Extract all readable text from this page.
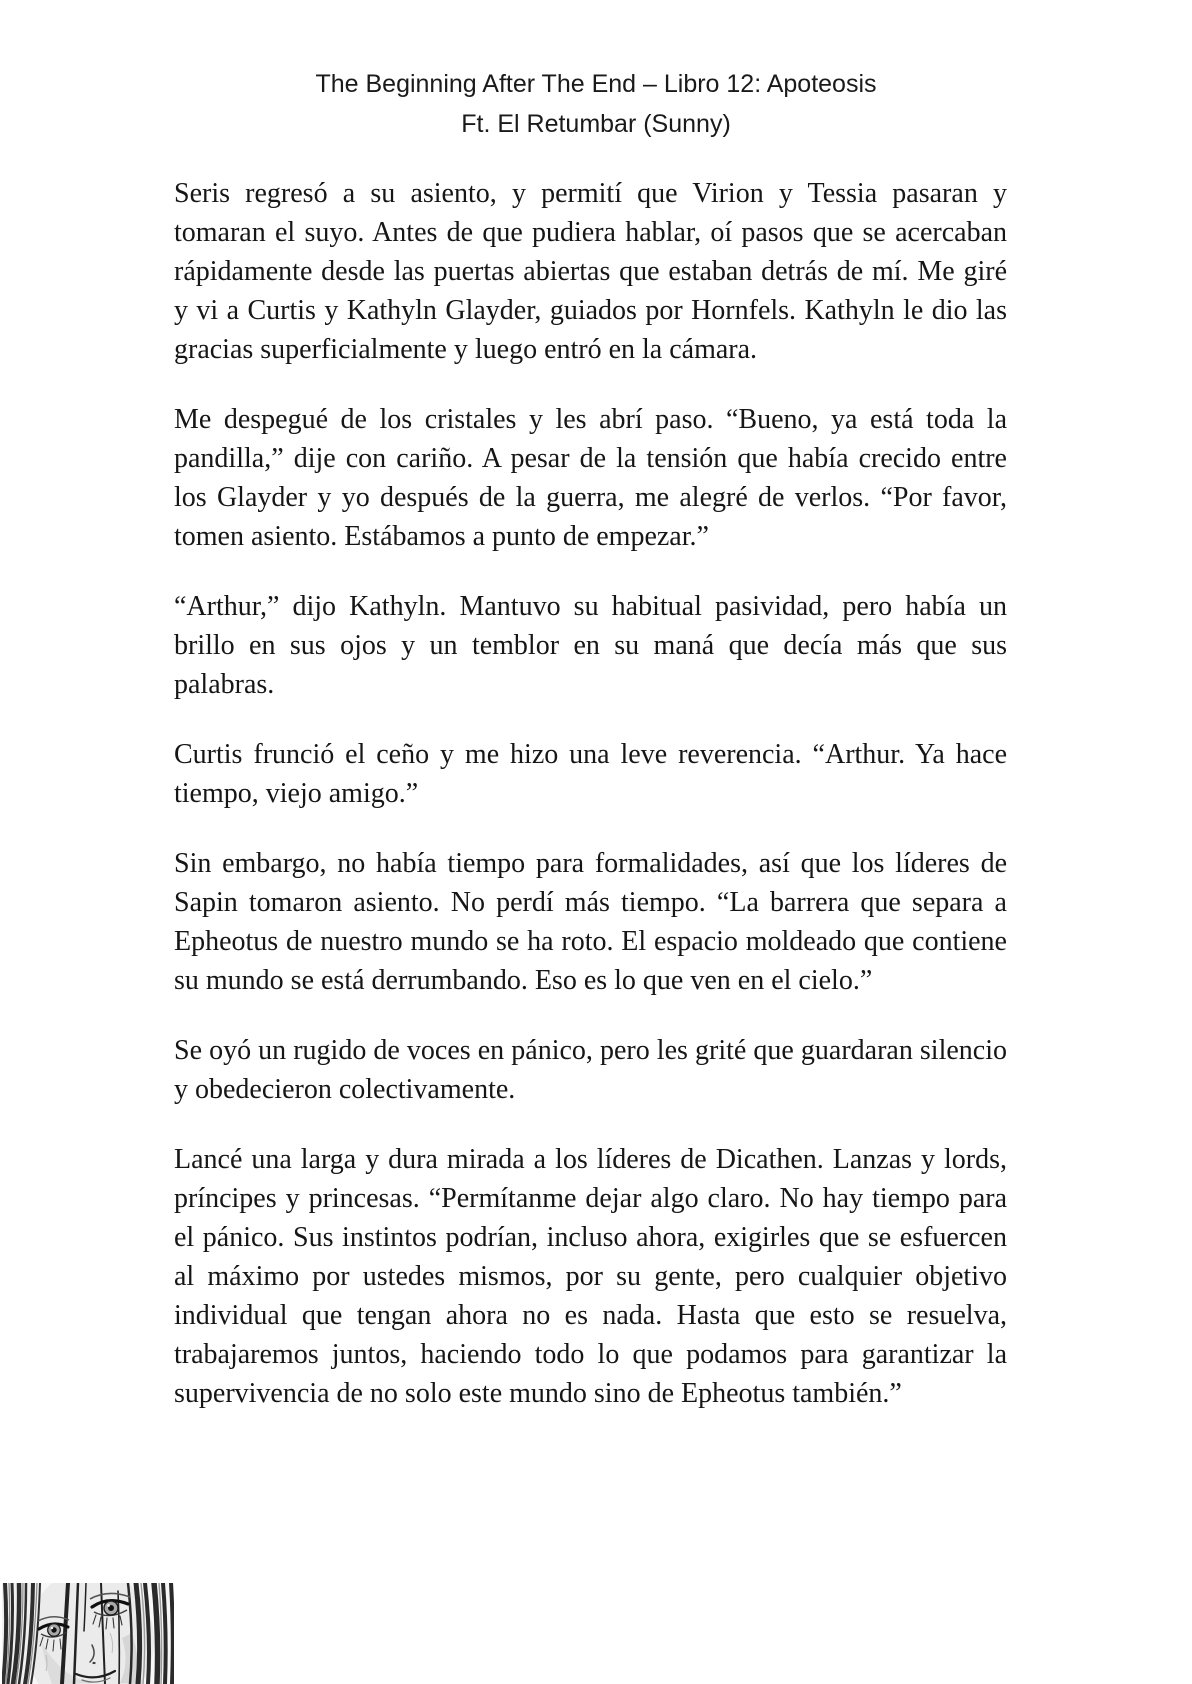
The Beginning After The End – Libro 12: Apoteosis
Ft. El Retumbar (Sunny)

Seris regresó a su asiento, y permití que Virion y Tessia pasaran y tomaran el suyo. Antes de que pudiera hablar, oí pasos que se acercaban rápidamente desde las puertas abiertas que estaban detrás de mí. Me giré y vi a Curtis y Kathyln Glayder, guiados por Hornfels. Kathyln le dio las gracias superficialmente y luego entró en la cámara.

Me despegué de los cristales y les abrí paso. “Bueno, ya está toda la pandilla,” dije con cariño. A pesar de la tensión que había crecido entre los Glayder y yo después de la guerra, me alegré de verlos. “Por favor, tomen asiento. Estábamos a punto de empezar.”

“Arthur,” dijo Kathyln. Mantuvo su habitual pasividad, pero había un brillo en sus ojos y un temblor en su maná que decía más que sus palabras.

Curtis frunció el ceño y me hizo una leve reverencia. “Arthur. Ya hace tiempo, viejo amigo.”

Sin embargo, no había tiempo para formalidades, así que los líderes de Sapin tomaron asiento. No perdí más tiempo. “La barrera que separa a Epheotus de nuestro mundo se ha roto. El espacio moldeado que contiene su mundo se está derrumbando. Eso es lo que ven en el cielo.”

Se oyó un rugido de voces en pánico, pero les grité que guardaran silencio y obedecieron colectivamente.

Lancé una larga y dura mirada a los líderes de Dicathen. Lanzas y lords, príncipes y princesas. “Permítanme dejar algo claro. No hay tiempo para el pánico. Sus instintos podrían, incluso ahora, exigirles que se esfuercen al máximo por ustedes mismos, por su gente, pero cualquier objetivo individual que tengan ahora no es nada. Hasta que esto se resuelva, trabajaremos juntos, haciendo todo lo que podamos para garantizar la supervivencia de no solo este mundo sino de Epheotus también.”
